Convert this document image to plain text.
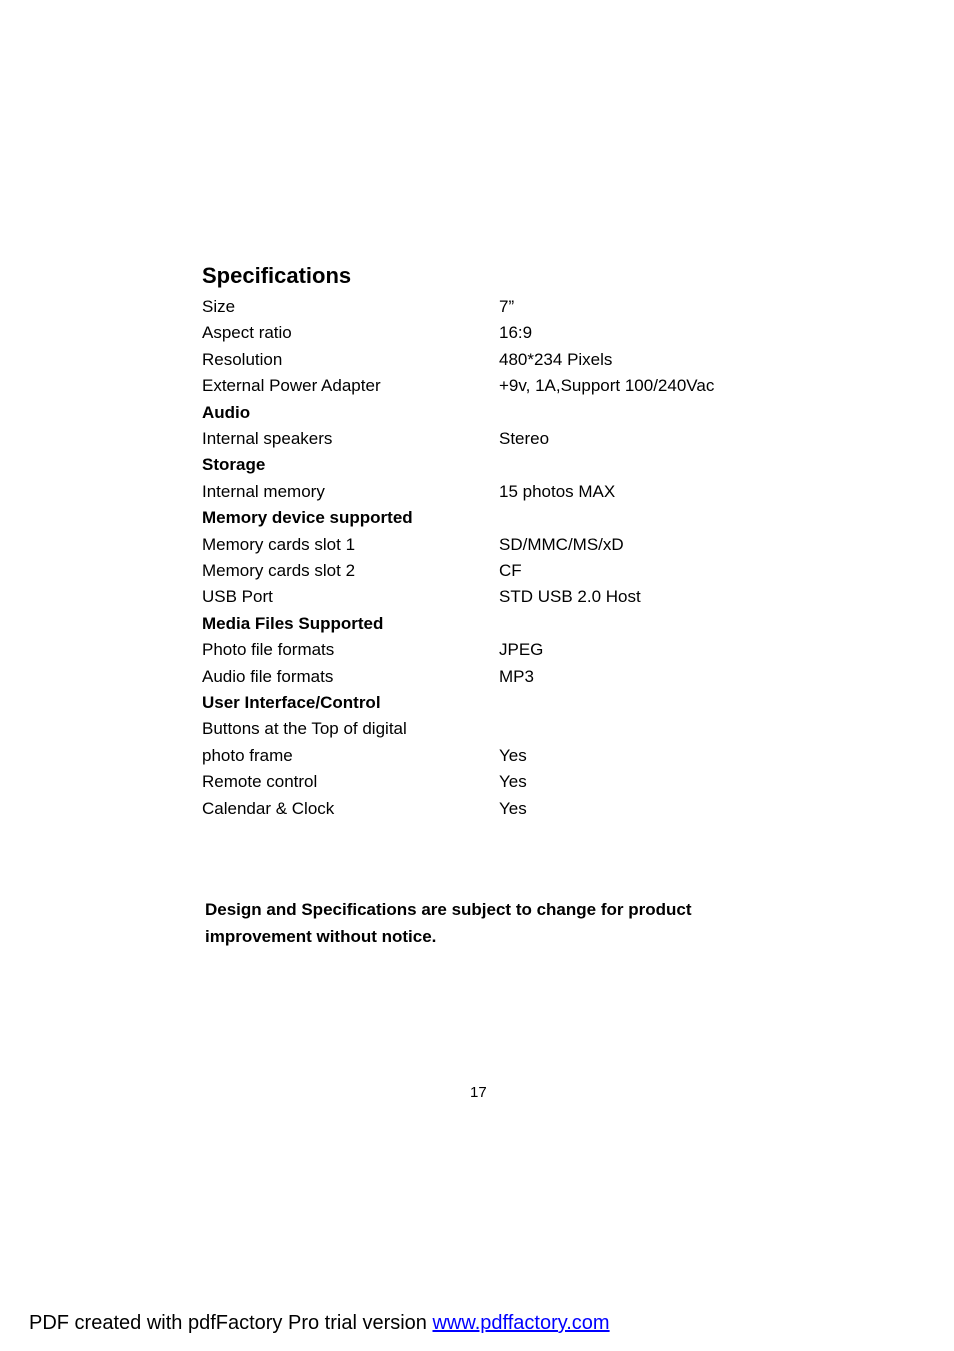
Specifications
Size	7”
Aspect ratio	16:9
Resolution	480*234 Pixels
External Power Adapter	+9v, 1A,Support 100/240Vac
Audio
Internal speakers	Stereo
Storage
Internal memory	15 photos MAX
Memory device supported
Memory cards slot 1	SD/MMC/MS/xD
Memory cards slot 2	CF
USB Port	STD USB 2.0 Host
Media Files Supported
Photo file formats	JPEG
Audio file formats	MP3
User Interface/Control
Buttons at the Top of digital
photo frame	Yes
Remote control	Yes
Calendar & Clock	Yes
Design and Specifications are subject to change for product
improvement without notice.
17
PDF created with pdfFactory Pro trial version www.pdffactory.com
